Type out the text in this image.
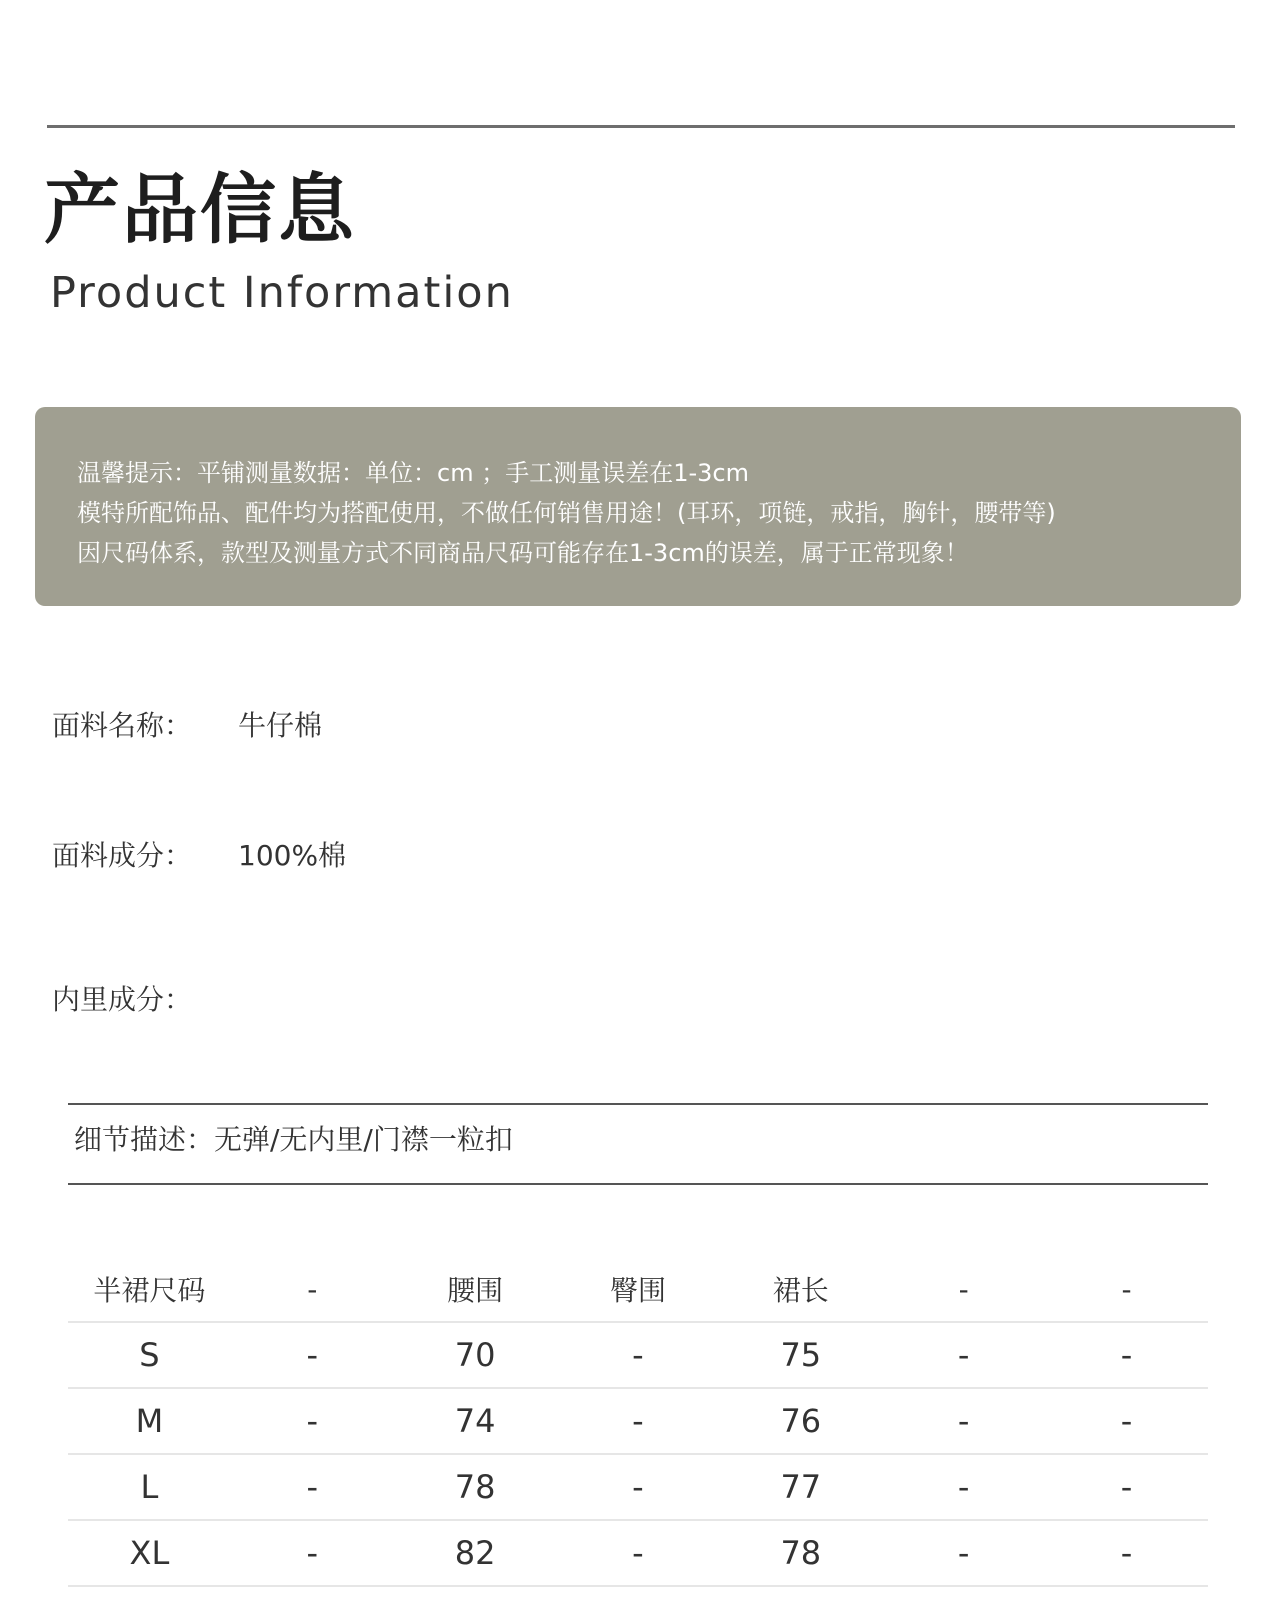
产品信息
Product Information
温馨提示：平铺测量数据：单位：cm ；手工测量误差在1-3cm
模特所配饰品、配件均为搭配使用，不做任何销售用途！(耳环，项链，戒指，胸针，腰带等)
因尺码体系，款型及测量方式不同商品尺码可能存在1-3cm的误差，属于正常现象！
面料名称： 牛仔棉
面料成分： 100%棉
内里成分：
细节描述：无弹/无内里/门襟一粒扣
半裙尺码	-	腰围	臀围	裙长	-	-
S	-	70	-	75	-	-
M	-	74	-	76	-	-
L	-	78	-	77	-	-
XL	-	82	-	78	-	-
